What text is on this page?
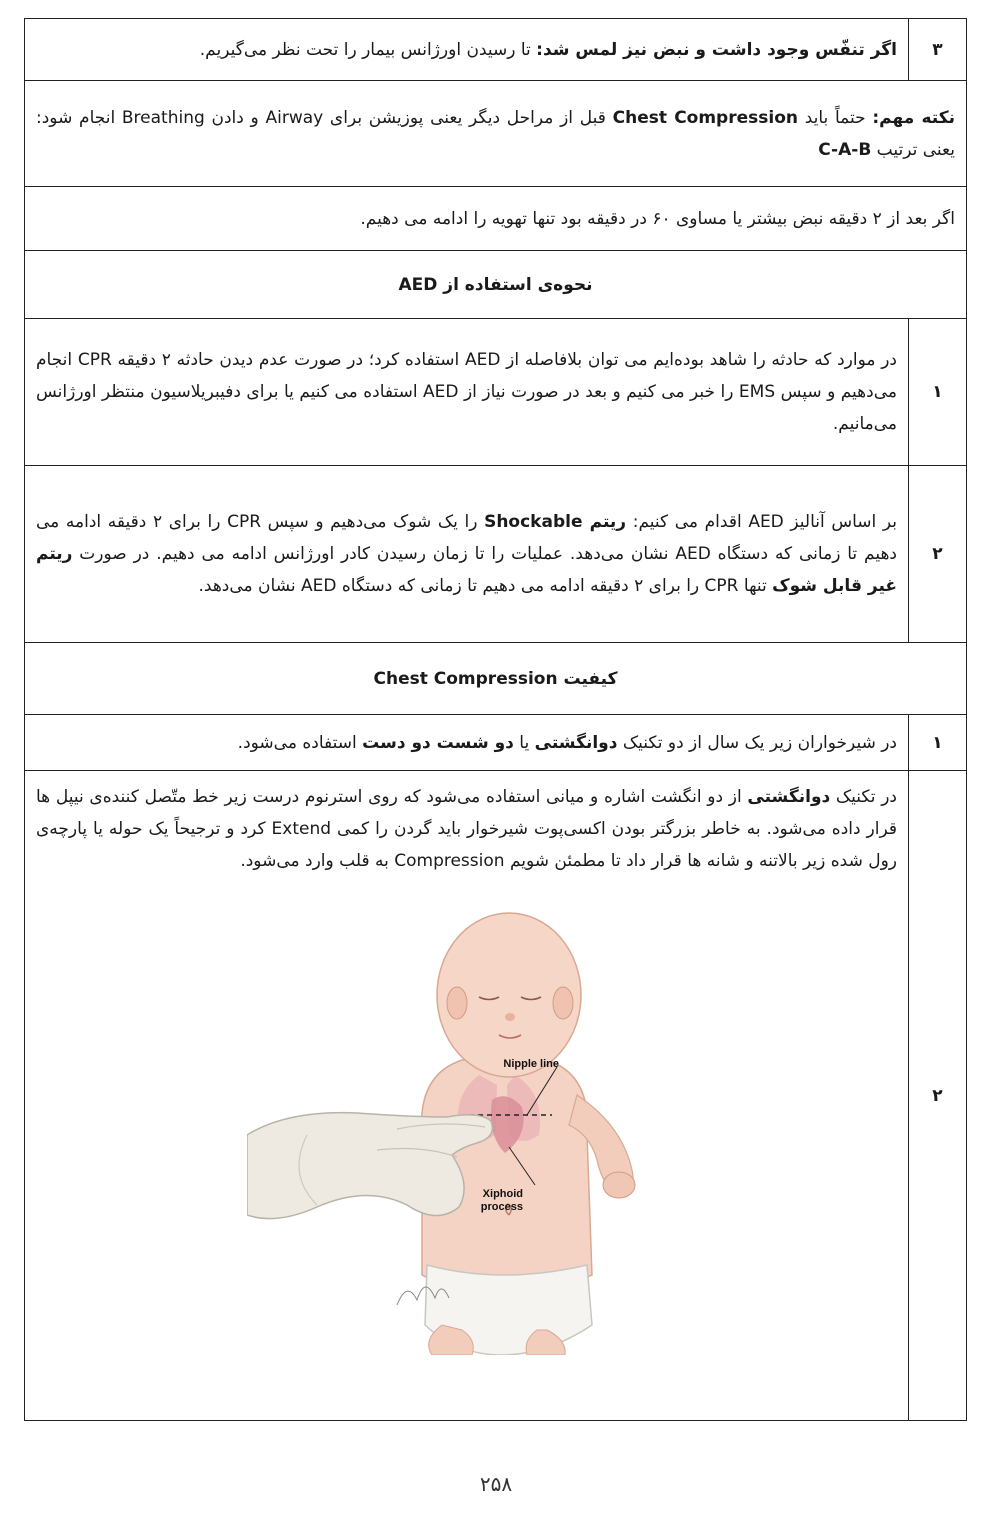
۳	اگر تنفّس وجود داشت و نبض نیز لمس شد: تا رسیدن اورژانس بیمار را تحت نظر می‌گیریم.
نکته مهم: حتماً باید Chest Compression قبل از مراحل دیگر یعنی پوزیشن برای Airway و دادن Breathing انجام شود: یعنی ترتیب C-A-B	
اگر بعد از ۲ دقیقه نبض بیشتر یا مساوی ۶۰ در دقیقه بود تنها تهویه را ادامه می دهیم.	
نحوه‌ی استفاده از AED	
۱	در موارد که حادثه را شاهد بوده‌ایم می توان بلافاصله از AED استفاده کرد؛ در صورت عدم دیدن حادثه ۲ دقیقه CPR انجام می‌دهیم و سپس EMS را خبر می کنیم و بعد در صورت نیاز از AED استفاده می کنیم یا برای دفیبریلاسیون منتظر اورژانس می‌مانیم.
۲	بر اساس آنالیز AED اقدام می کنیم: ریتم Shockable را یک شوک می‌دهیم و سپس CPR را برای ۲ دقیقه ادامه می دهیم تا زمانی که دستگاه AED نشان می‌دهد. عملیات را تا زمان رسیدن کادر اورژانس ادامه می دهیم. در صورت ریتم غیر قابل شوک تنها CPR را برای ۲ دقیقه ادامه می دهیم تا زمانی که دستگاه AED نشان می‌دهد.
کیفیت Chest Compression	
۱	در شیرخواران زیر یک سال از دو تکنیک دوانگشتی یا دو شست دو دست استفاده می‌شود.
۲	در تکنیک دوانگشتی از دو انگشت اشاره و میانی استفاده می‌شود که روی استرنوم درست زیر خط متّصل کننده‌ی نیپل ها قرار داده می‌شود. به خاطر بزرگتر بودن اکسی‌پوت شیرخوار باید گردن را کمی Extend کرد و ترجیحاً یک حوله یا پارچه‌ی رول شده زیر بالاتنه و شانه ها قرار داد تا مطمئن شویم Compression به قلب وارد می‌شود.
Nipple line
Xiphoid
process
۲۵۸
